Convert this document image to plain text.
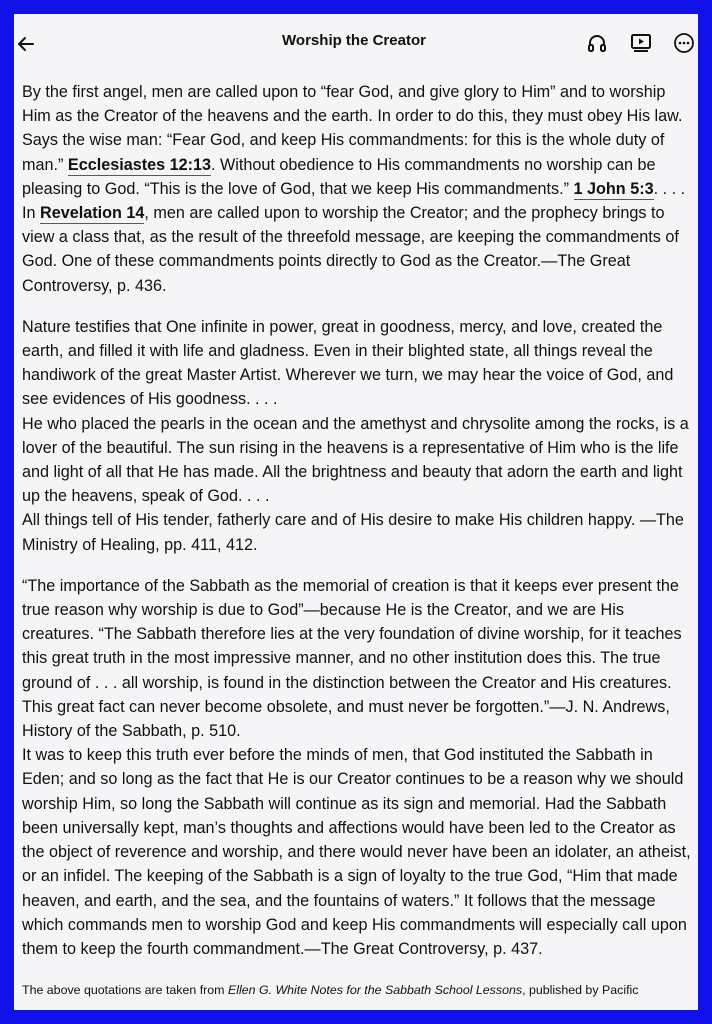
Worship the Creator

By the first angel, men are called upon to “fear God, and give glory to Him” and to worship Him as the Creator of the heavens and the earth. In order to do this, they must obey His law. Says the wise man: “Fear God, and keep His commandments: for this is the whole duty of man.” Ecclesiastes 12:13. Without obedience to His commandments no worship can be pleasing to God. “This is the love of God, that we keep His commandments.” 1 John 5:3. . . .
In Revelation 14, men are called upon to worship the Creator; and the prophecy brings to view a class that, as the result of the threefold message, are keeping the commandments of God. One of these commandments points directly to God as the Creator.—The Great Controversy, p. 436.

Nature testifies that One infinite in power, great in goodness, mercy, and love, created the earth, and filled it with life and gladness. Even in their blighted state, all things reveal the handiwork of the great Master Artist. Wherever we turn, we may hear the voice of God, and see evidences of His goodness. . . .
He who placed the pearls in the ocean and the amethyst and chrysolite among the rocks, is a lover of the beautiful. The sun rising in the heavens is a representative of Him who is the life and light of all that He has made. All the brightness and beauty that adorn the earth and light up the heavens, speak of God. . . .
All things tell of His tender, fatherly care and of His desire to make His children happy. —The Ministry of Healing, pp. 411, 412.

“The importance of the Sabbath as the memorial of creation is that it keeps ever present the true reason why worship is due to God”—because He is the Creator, and we are His creatures. “The Sabbath therefore lies at the very foundation of divine worship, for it teaches this great truth in the most impressive manner, and no other institution does this. The true ground of . . . all worship, is found in the distinction between the Creator and His creatures. This great fact can never become obsolete, and must never be forgotten.”—J. N. Andrews, History of the Sabbath, p. 510.
It was to keep this truth ever before the minds of men, that God instituted the Sabbath in Eden; and so long as the fact that He is our Creator continues to be a reason why we should worship Him, so long the Sabbath will continue as its sign and memorial. Had the Sabbath been universally kept, man’s thoughts and affections would have been led to the Creator as the object of reverence and worship, and there would never have been an idolater, an atheist, or an infidel. The keeping of the Sabbath is a sign of loyalty to the true God, “Him that made heaven, and earth, and the sea, and the fountains of waters.” It follows that the message which commands men to worship God and keep His commandments will especially call upon them to keep the fourth commandment.—The Great Controversy, p. 437.

The above quotations are taken from Ellen G. White Notes for the Sabbath School Lessons, published by Pacific
